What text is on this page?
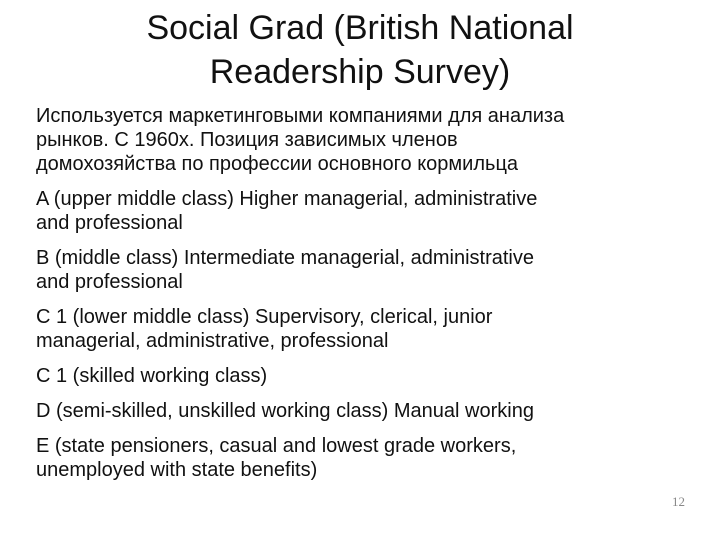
Social Grad (British National
Readership Survey)
Используется маркетинговыми компаниями для анализа
рынков. С 1960х. Позиция зависимых членов
домохозяйства по профессии основного кормильца
A (upper middle class) Higher managerial, administrative
and professional
B (middle class) Intermediate managerial, administrative
and professional
C 1 (lower middle class) Supervisory, clerical, junior
managerial, administrative, professional
C 1 (skilled working class)
D (semi-skilled, unskilled working class) Manual working
E (state pensioners, casual and lowest grade workers,
unemployed with state benefits)
12
